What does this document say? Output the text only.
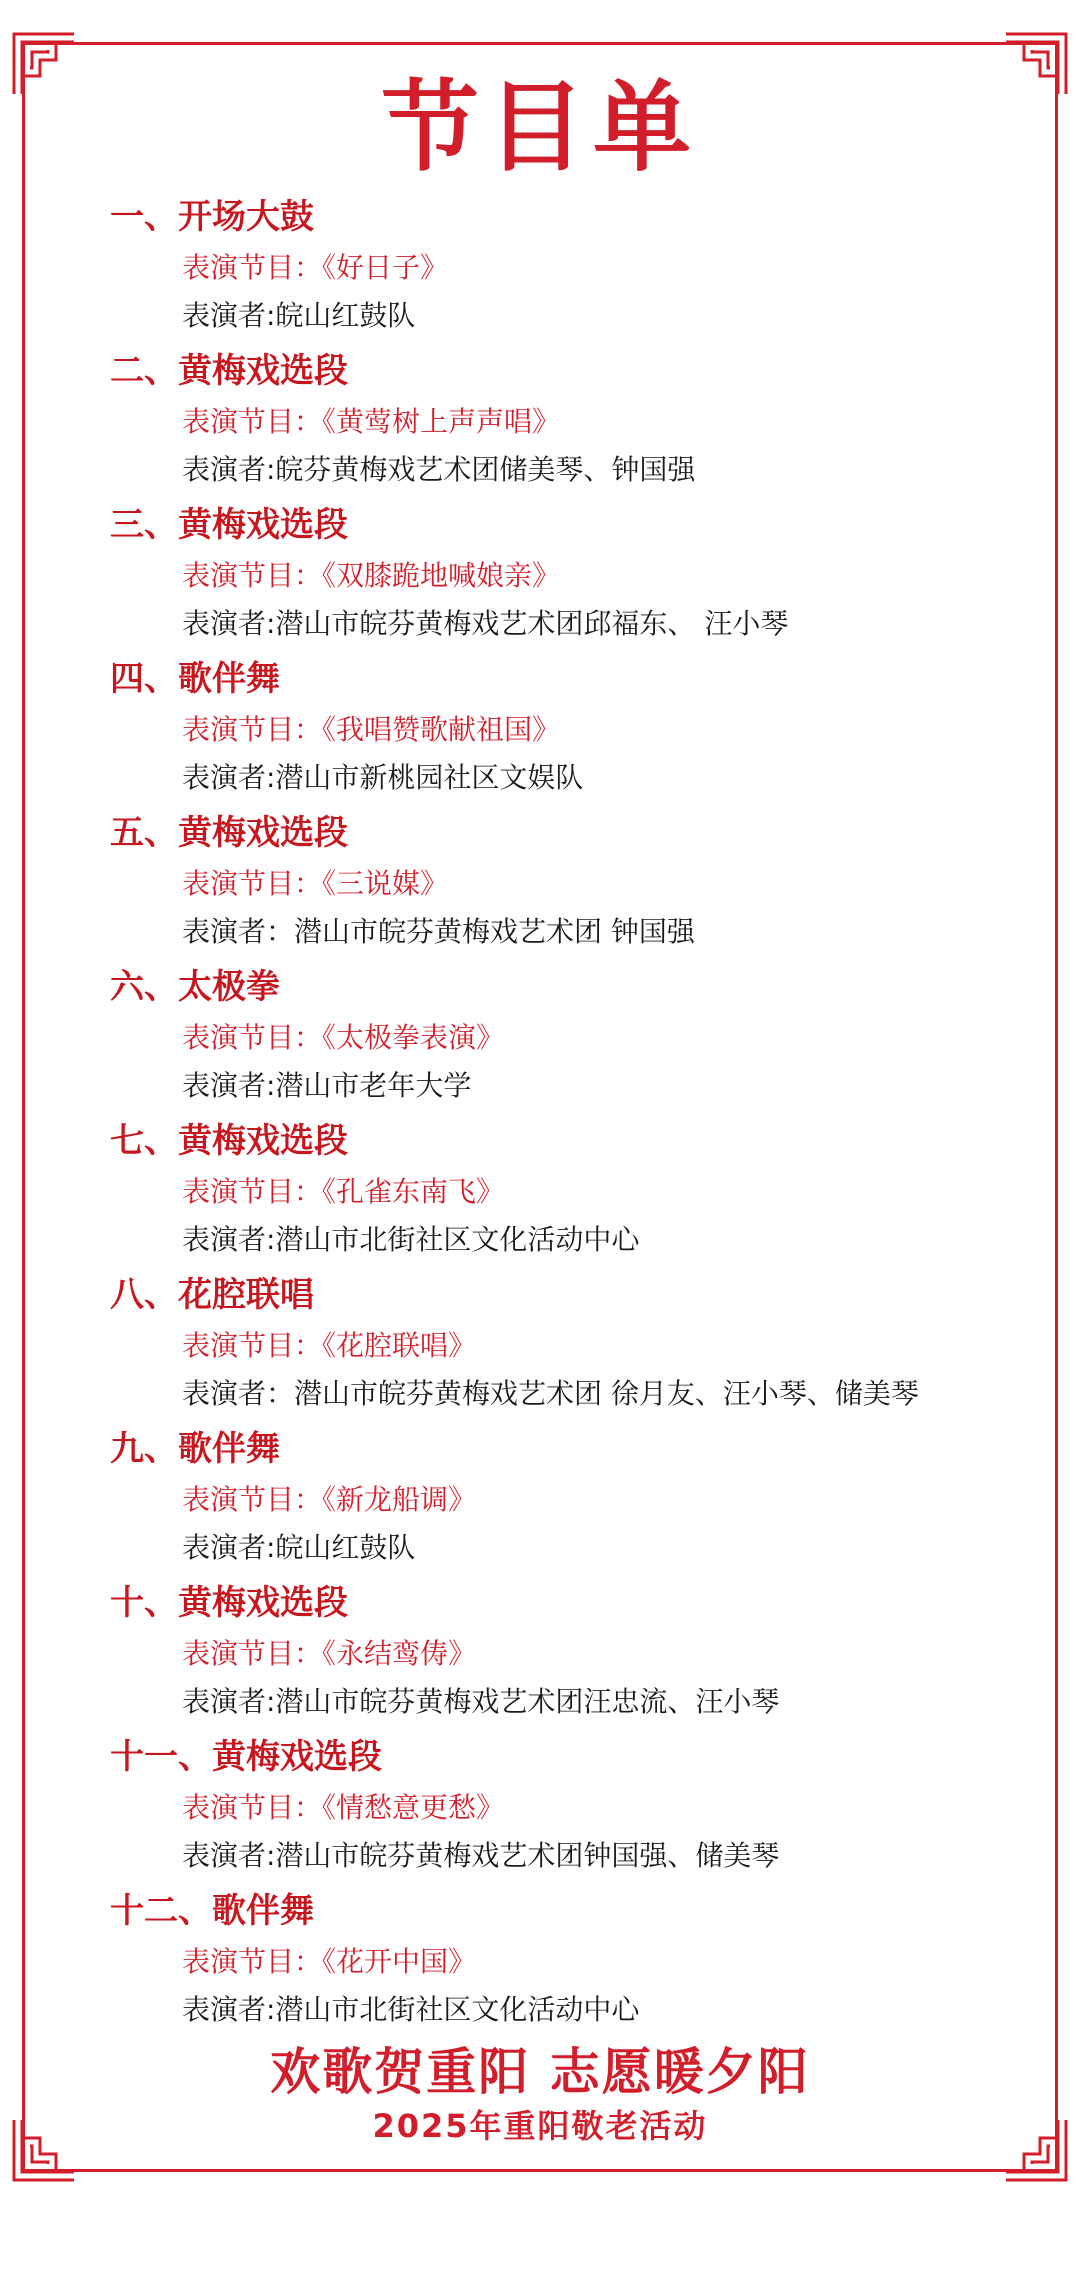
节目单
一、开场大鼓
表演节目：《好日子》
表演者:皖山红鼓队
二、黄梅戏选段
表演节目：《黄莺树上声声唱》
表演者:皖芬黄梅戏艺术团储美琴、钟国强
三、黄梅戏选段
表演节目：《双膝跪地喊娘亲》
表演者:潜山市皖芬黄梅戏艺术团邱福东、 汪小琴
四、歌伴舞
表演节目：《我唱赞歌献祖国》
表演者:潜山市新桃园社区文娱队
五、黄梅戏选段
表演节目：《三说媒》
表演者：潜山市皖芬黄梅戏艺术团 钟国强
六、太极拳
表演节目：《太极拳表演》
表演者:潜山市老年大学
七、黄梅戏选段
表演节目：《孔雀东南飞》
表演者:潜山市北街社区文化活动中心
八、花腔联唱
表演节目：《花腔联唱》
表演者：潜山市皖芬黄梅戏艺术团 徐月友、汪小琴、储美琴
九、歌伴舞
表演节目：《新龙船调》
表演者:皖山红鼓队
十、黄梅戏选段
表演节目：《永结鸾俦》
表演者:潜山市皖芬黄梅戏艺术团汪忠流、汪小琴
十一、黄梅戏选段
表演节目：《情愁意更愁》
表演者:潜山市皖芬黄梅戏艺术团钟国强、储美琴
十二、歌伴舞
表演节目：《花开中国》
表演者:潜山市北街社区文化活动中心
欢歌贺重阳 志愿暖夕阳
2025年重阳敬老活动
